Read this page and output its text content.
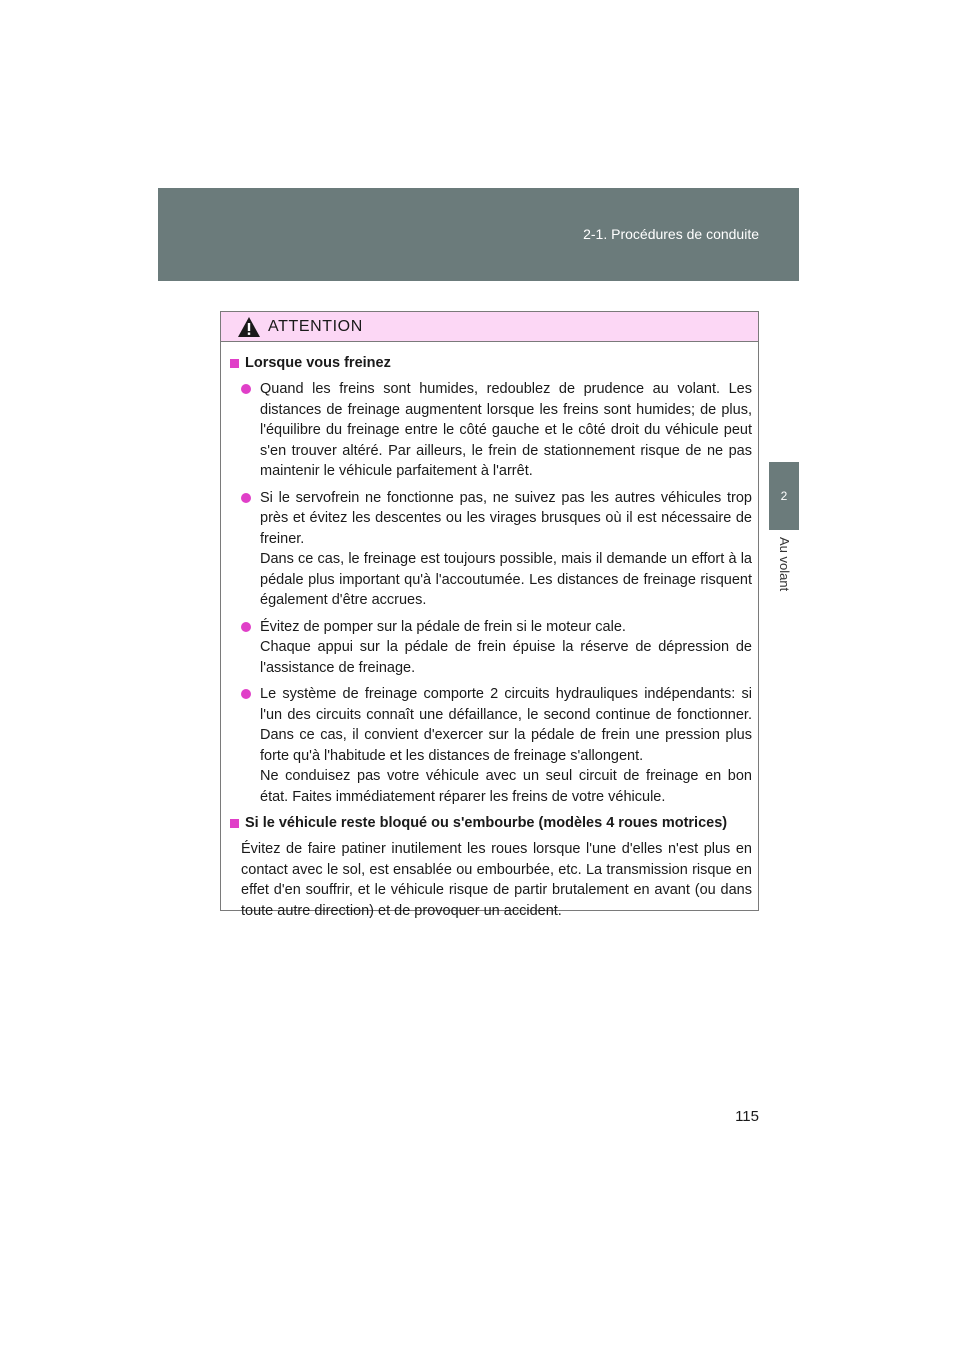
2-1. Procédures de conduite
2
Au volant
ATTENTION
Lorsque vous freinez

Quand les freins sont humides, redoublez de prudence au volant. Les distances de freinage augmentent lorsque les freins sont humides; de plus, l'équilibre du freinage entre le côté gauche et le côté droit du véhicule peut s'en trouver altéré. Par ailleurs, le frein de stationnement risque de ne pas maintenir le véhicule parfaitement à l'arrêt.

Si le servofrein ne fonctionne pas, ne suivez pas les autres véhicules trop près et évitez les descentes ou les virages brusques où il est nécessaire de freiner.

Dans ce cas, le freinage est toujours possible, mais il demande un effort à la pédale plus important qu'à l'accoutumée. Les distances de freinage risquent également d'être accrues.

Évitez de pomper sur la pédale de frein si le moteur cale.

Chaque appui sur la pédale de frein épuise la réserve de dépression de l'assistance de freinage.

Le système de freinage comporte 2 circuits hydrauliques indépendants: si l'un des circuits connaît une défaillance, le second continue de fonctionner. Dans ce cas, il convient d'exercer sur la pédale de frein une pression plus forte qu'à l'habitude et les distances de freinage s'allongent.

Ne conduisez pas votre véhicule avec un seul circuit de freinage en bon état. Faites immédiatement réparer les freins de votre véhicule.

Si le véhicule reste bloqué ou s'embourbe (modèles 4 roues motrices)
Évitez de faire patiner inutilement les roues lorsque l'une d'elles n'est plus en contact avec le sol, est ensablée ou embourbée, etc. La transmission risque en effet d'en souffrir, et le véhicule risque de partir brutalement en avant (ou dans toute autre direction) et de provoquer un accident.
115
